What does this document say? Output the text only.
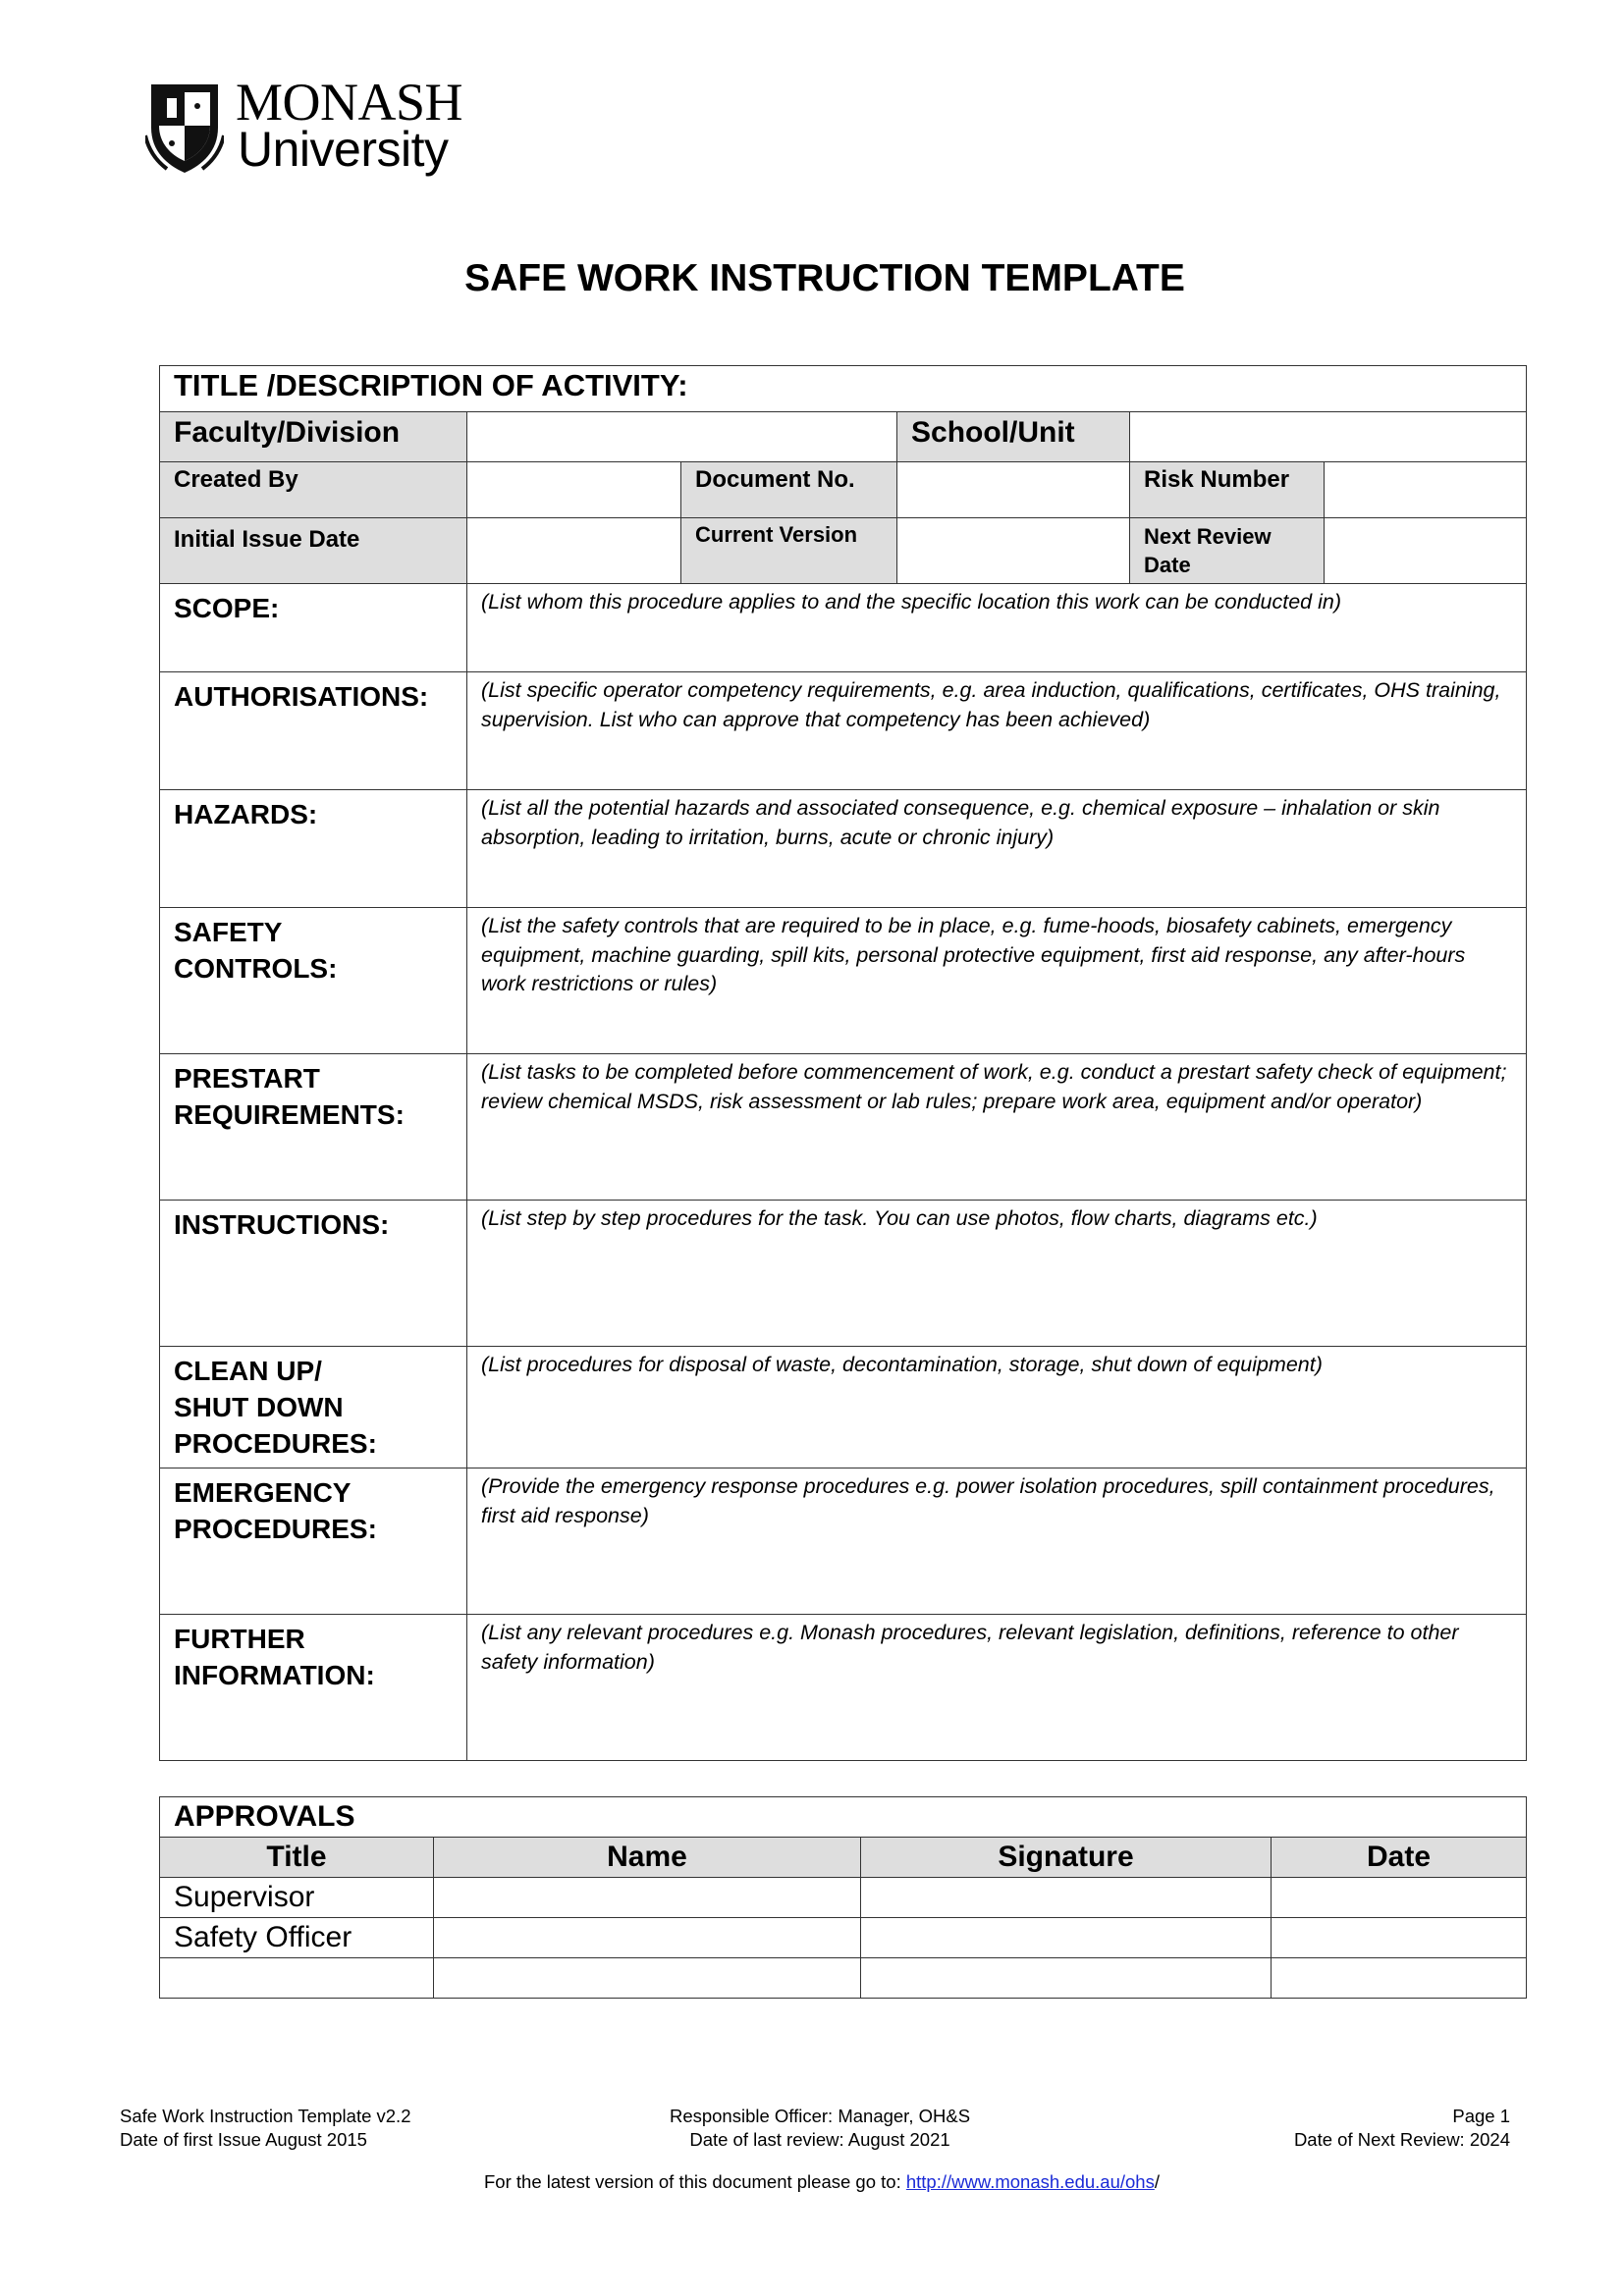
MONASH
University
SAFE WORK INSTRUCTION TEMPLATE
TITLE /DESCRIPTION OF ACTIVITY:					
Faculty/Division			School/Unit		
Created By		Document No.		Risk Number	
Initial Issue Date		Current Version		Next Review Date	
SCOPE:	(List whom this procedure applies to and the specific location this work can be conducted in)				
AUTHORISATIONS:	(List specific operator competency requirements, e.g. area induction, qualifications, certificates, OHS training, supervision. List who can approve that competency has been achieved)				
HAZARDS:	(List all the potential hazards and associated consequence, e.g. chemical exposure – inhalation or skin absorption, leading to irritation, burns, acute or chronic injury)				
SAFETY CONTROLS:	(List the safety controls that are required to be in place, e.g. fume-hoods, biosafety cabinets, emergency equipment, machine guarding, spill kits, personal protective equipment, first aid response, any after-hours work restrictions or rules)				
PRESTART REQUIREMENTS:	(List tasks to be completed before commencement of work, e.g. conduct a prestart safety check of equipment; review chemical MSDS, risk assessment or lab rules; prepare work area, equipment and/or operator)				
INSTRUCTIONS:	(List step by step procedures for the task. You can use photos, flow charts, diagrams etc.)				
CLEAN UP/ SHUT DOWN PROCEDURES:	(List procedures for disposal of waste, decontamination, storage, shut down of equipment)				
EMERGENCY PROCEDURES:	(Provide the emergency response procedures e.g. power isolation procedures, spill containment procedures, first aid response)				
FURTHER INFORMATION:	(List any relevant procedures e.g. Monash procedures, relevant legislation, definitions, reference to other safety information)				
APPROVALS			
Title	Name	Signature	Date
Supervisor			
Safety Officer			

Safe Work Instruction Template v2.2
Date of first Issue August 2015
Responsible Officer: Manager, OH&S
Date of last review: August 2021
Page 1
Date of Next Review: 2024
For the latest version of this document please go to: http://www.monash.edu.au/ohs/
